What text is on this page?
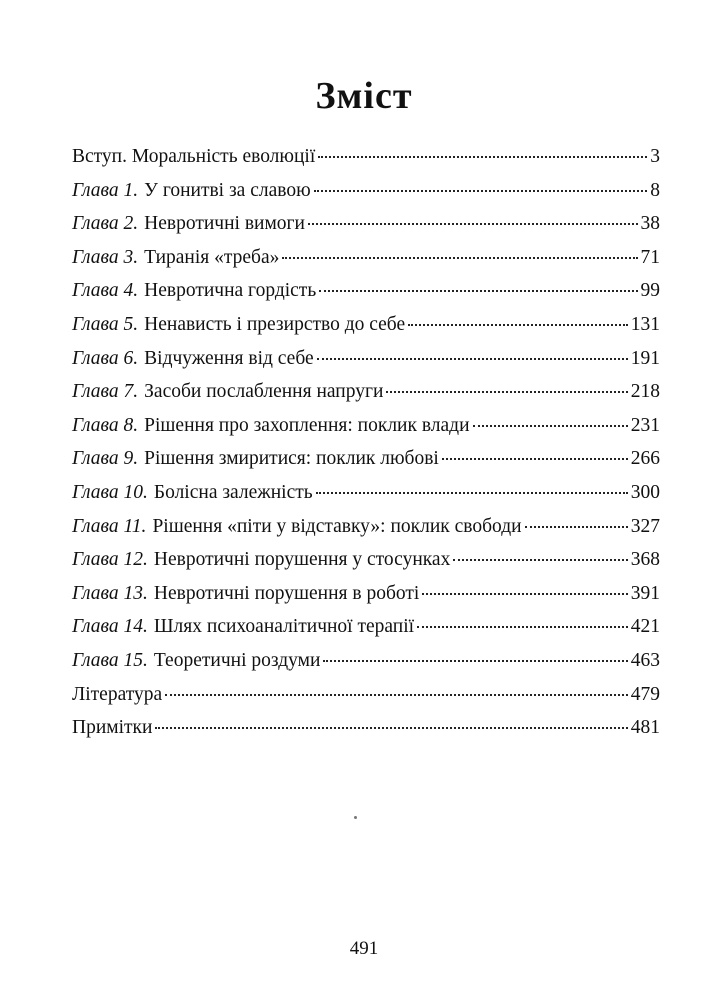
Зміст
Вступ. Моральність еволюції	3
Глава 1. У гонитві за славою	8
Глава 2. Невротичні вимоги	38
Глава 3. Тиранія «треба»	71
Глава 4. Невротична гордість	99
Глава 5. Ненависть і презирство до себе	131
Глава 6. Відчуження від себе	191
Глава 7. Засоби послаблення напруги	218
Глава 8. Рішення про захоплення: поклик влади	231
Глава 9. Рішення змиритися: поклик любові	266
Глава 10. Болісна залежність	300
Глава 11. Рішення «піти у відставку»: поклик свободи	327
Глава 12. Невротичні порушення у стосунках	368
Глава 13. Невротичні порушення в роботі	391
Глава 14. Шлях психоаналітичної терапії	421
Глава 15. Теоретичні роздуми	463
Література	479
Примітки	481
491
